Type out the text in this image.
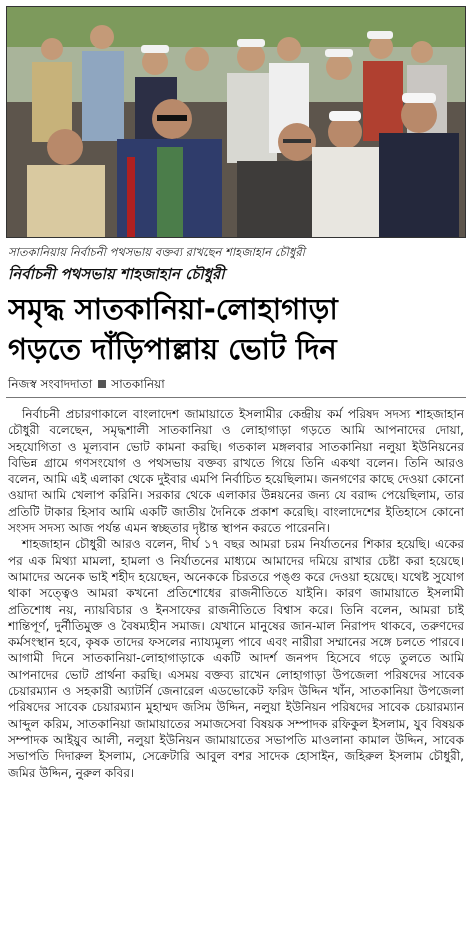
সাতকানিয়ায় নির্বাচনী পথসভায় বক্তব্য রাখছেন শাহজাহান চৌধুরী
নির্বাচনী পথসভায় শাহজাহান চৌধুরী
সমৃদ্ধ সাতকানিয়া-লোহাগাড়া
গড়তে দাঁড়িপাল্লায় ভোট দিন
নিজস্ব সংবাদদাতা সাতকানিয়া

নির্বাচনী প্রচারণাকালে বাংলাদেশ জামায়াতে ইসলামীর কেন্দ্রীয় কর্ম পরিষদ সদস্য শাহজাহান চৌধুরী বলেছেন, সমৃদ্ধশালী সাতকানিয়া ও লোহাগাড়া গড়তে আমি আপনাদের দোয়া, সহযোগিতা ও মূল্যবান ভোট কামনা করছি। গতকাল মঙ্গলবার সাতকানিয়া নলুয়া ইউনিয়নের বিভিন্ন গ্রামে গণসংযোগ ও পথসভায় বক্তব্য রাখতে গিয়ে তিনি একথা বলেন। তিনি আরও বলেন, আমি এই এলাকা থেকে দুইবার এমপি নির্বাচিত হয়েছিলাম। জনগণের কাছে দেওয়া কোনো ওয়াদা আমি খেলাপ করিনি। সরকার থেকে এলাকার উন্নয়নের জন্য যে বরাদ্দ পেয়েছিলাম, তার প্রতিটি টাকার হিসাব আমি একটি জাতীয় দৈনিকে প্রকাশ করেছি। বাংলাদেশের ইতিহাসে কোনো সংসদ সদস্য আজ পর্যন্ত এমন স্বচ্ছতার দৃষ্টান্ত স্থাপন করতে পারেননি।

শাহজাহান চৌধুরী আরও বলেন, দীর্ঘ ১৭ বছর আমরা চরম নির্যাতনের শিকার হয়েছি। একের পর এক মিথ্যা মামলা, হামলা ও নির্যাতনের মাধ্যমে আমাদের দমিয়ে রাখার চেষ্টা করা হয়েছে। আমাদের অনেক ভাই শহীদ হয়েছেন, অনেককে চিরতরে পঙ্গু করে দেওয়া হয়েছে। যথেষ্ট সুযোগ থাকা সত্ত্বেও আমরা কখনো প্রতিশোধের রাজনীতিতে যাইনি। কারণ জামায়াতে ইসলামী প্রতিশোধ নয়, ন্যায়বিচার ও ইনসাফের রাজনীতিতে বিশ্বাস করে। তিনি বলেন, আমরা চাই শান্তিপূর্ণ, দুর্নীতিমুক্ত ও বৈষম্যহীন সমাজ। যেখানে মানুষের জান-মাল নিরাপদ থাকবে, তরুণদের কর্মসংস্থান হবে, কৃষক তাদের ফসলের ন্যায্যমূল্য পাবে এবং নারীরা সম্মানের সঙ্গে চলতে পারবে। আগামী দিনে সাতকানিয়া-লোহাগাড়াকে একটি আদর্শ জনপদ হিসেবে গড়ে তুলতে আমি আপনাদের ভোট প্রার্থনা করছি। এসময় বক্তব্য রাখেন লোহাগাড়া উপজেলা পরিষদের সাবেক চেয়ারম্যান ও সহকারী অ্যাটর্নি জেনারেল এডভোকেট ফরিদ উদ্দিন খাঁন, সাতকানিয়া উপজেলা পরিষদের সাবেক চেয়ারম্যান মুহাম্মদ জসিম উদ্দিন, নলুয়া ইউনিয়ন পরিষদের সাবেক চেয়ারম্যান আব্দুল করিম, সাতকানিয়া জামায়াতের সমাজসেবা বিষয়ক সম্পাদক রফিকুল ইসলাম, যুব বিষয়ক সম্পাদক আইয়ুব আলী, নলুয়া ইউনিয়ন জামায়াতের সভাপতি মাওলানা কামাল উদ্দিন, সাবেক সভাপতি দিদারুল ইসলাম, সেক্রেটারি আবুল বশর সাদেক হোসাইন, জহিরুল ইসলাম চৌধুরী, জমির উদ্দিন, নুরুল কবির।
